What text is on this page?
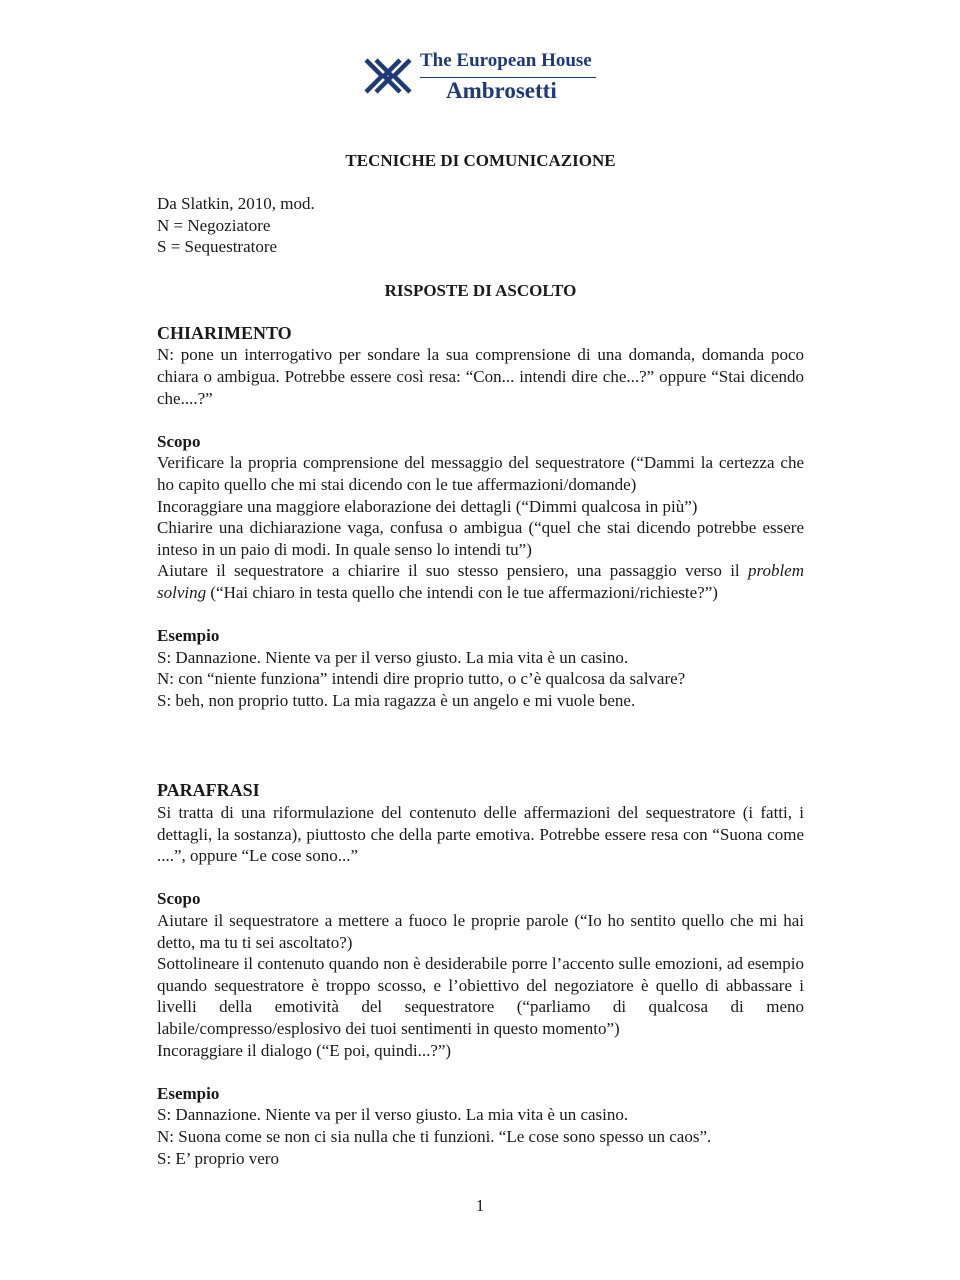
The European House
Ambrosetti
TECNICHE DI COMUNICAZIONE
Da Slatkin, 2010, mod.
N = Negoziatore
S = Sequestratore
RISPOSTE DI ASCOLTO
CHIARIMENTO

N: pone un interrogativo per sondare la sua comprensione di una domanda, domanda poco chiara o ambigua. Potrebbe essere così resa: “Con... intendi dire che...?” oppure “Stai dicendo che....?”

Scopo

Verificare la propria comprensione del messaggio del sequestratore (“Dammi la certezza che ho capito quello che mi stai dicendo con le tue affermazioni/domande)

Incoraggiare una maggiore elaborazione dei dettagli (“Dimmi qualcosa in più”)

Chiarire una dichiarazione vaga, confusa o ambigua (“quel che stai dicendo potrebbe essere inteso in un paio di modi. In quale senso lo intendi tu”)

Aiutare il sequestratore a chiarire il suo stesso pensiero, una passaggio verso il problem solving (“Hai chiaro in testa quello che intendi con le tue affermazioni/richieste?”)

Esempio
S: Dannazione. Niente va per il verso giusto. La mia vita è un casino.
N: con “niente funziona” intendi dire proprio tutto, o c’è qualcosa da salvare?
S: beh, non proprio tutto. La mia ragazza è un angelo e mi vuole bene.
PARAFRASI

Si tratta di una riformulazione del contenuto delle affermazioni del sequestratore (i fatti, i dettagli, la sostanza), piuttosto che della parte emotiva. Potrebbe essere resa con “Suona come ....”, oppure “Le cose sono...”

Scopo

Aiutare il sequestratore a mettere a fuoco le proprie parole (“Io ho sentito quello che mi hai detto, ma tu ti sei ascoltato?)

Sottolineare il contenuto quando non è desiderabile porre l’accento sulle emozioni, ad esempio quando sequestratore è troppo scosso, e l’obiettivo del negoziatore è quello di abbassare i livelli della emotività del sequestratore (“parliamo di qualcosa di meno labile/compresso/esplosivo dei tuoi sentimenti in questo momento”)

Incoraggiare il dialogo (“E poi, quindi...?”)

Esempio
S: Dannazione. Niente va per il verso giusto. La mia vita è un casino.
N: Suona come se non ci sia nulla che ti funzioni. “Le cose sono spesso un caos”.
S: E’ proprio vero
1
